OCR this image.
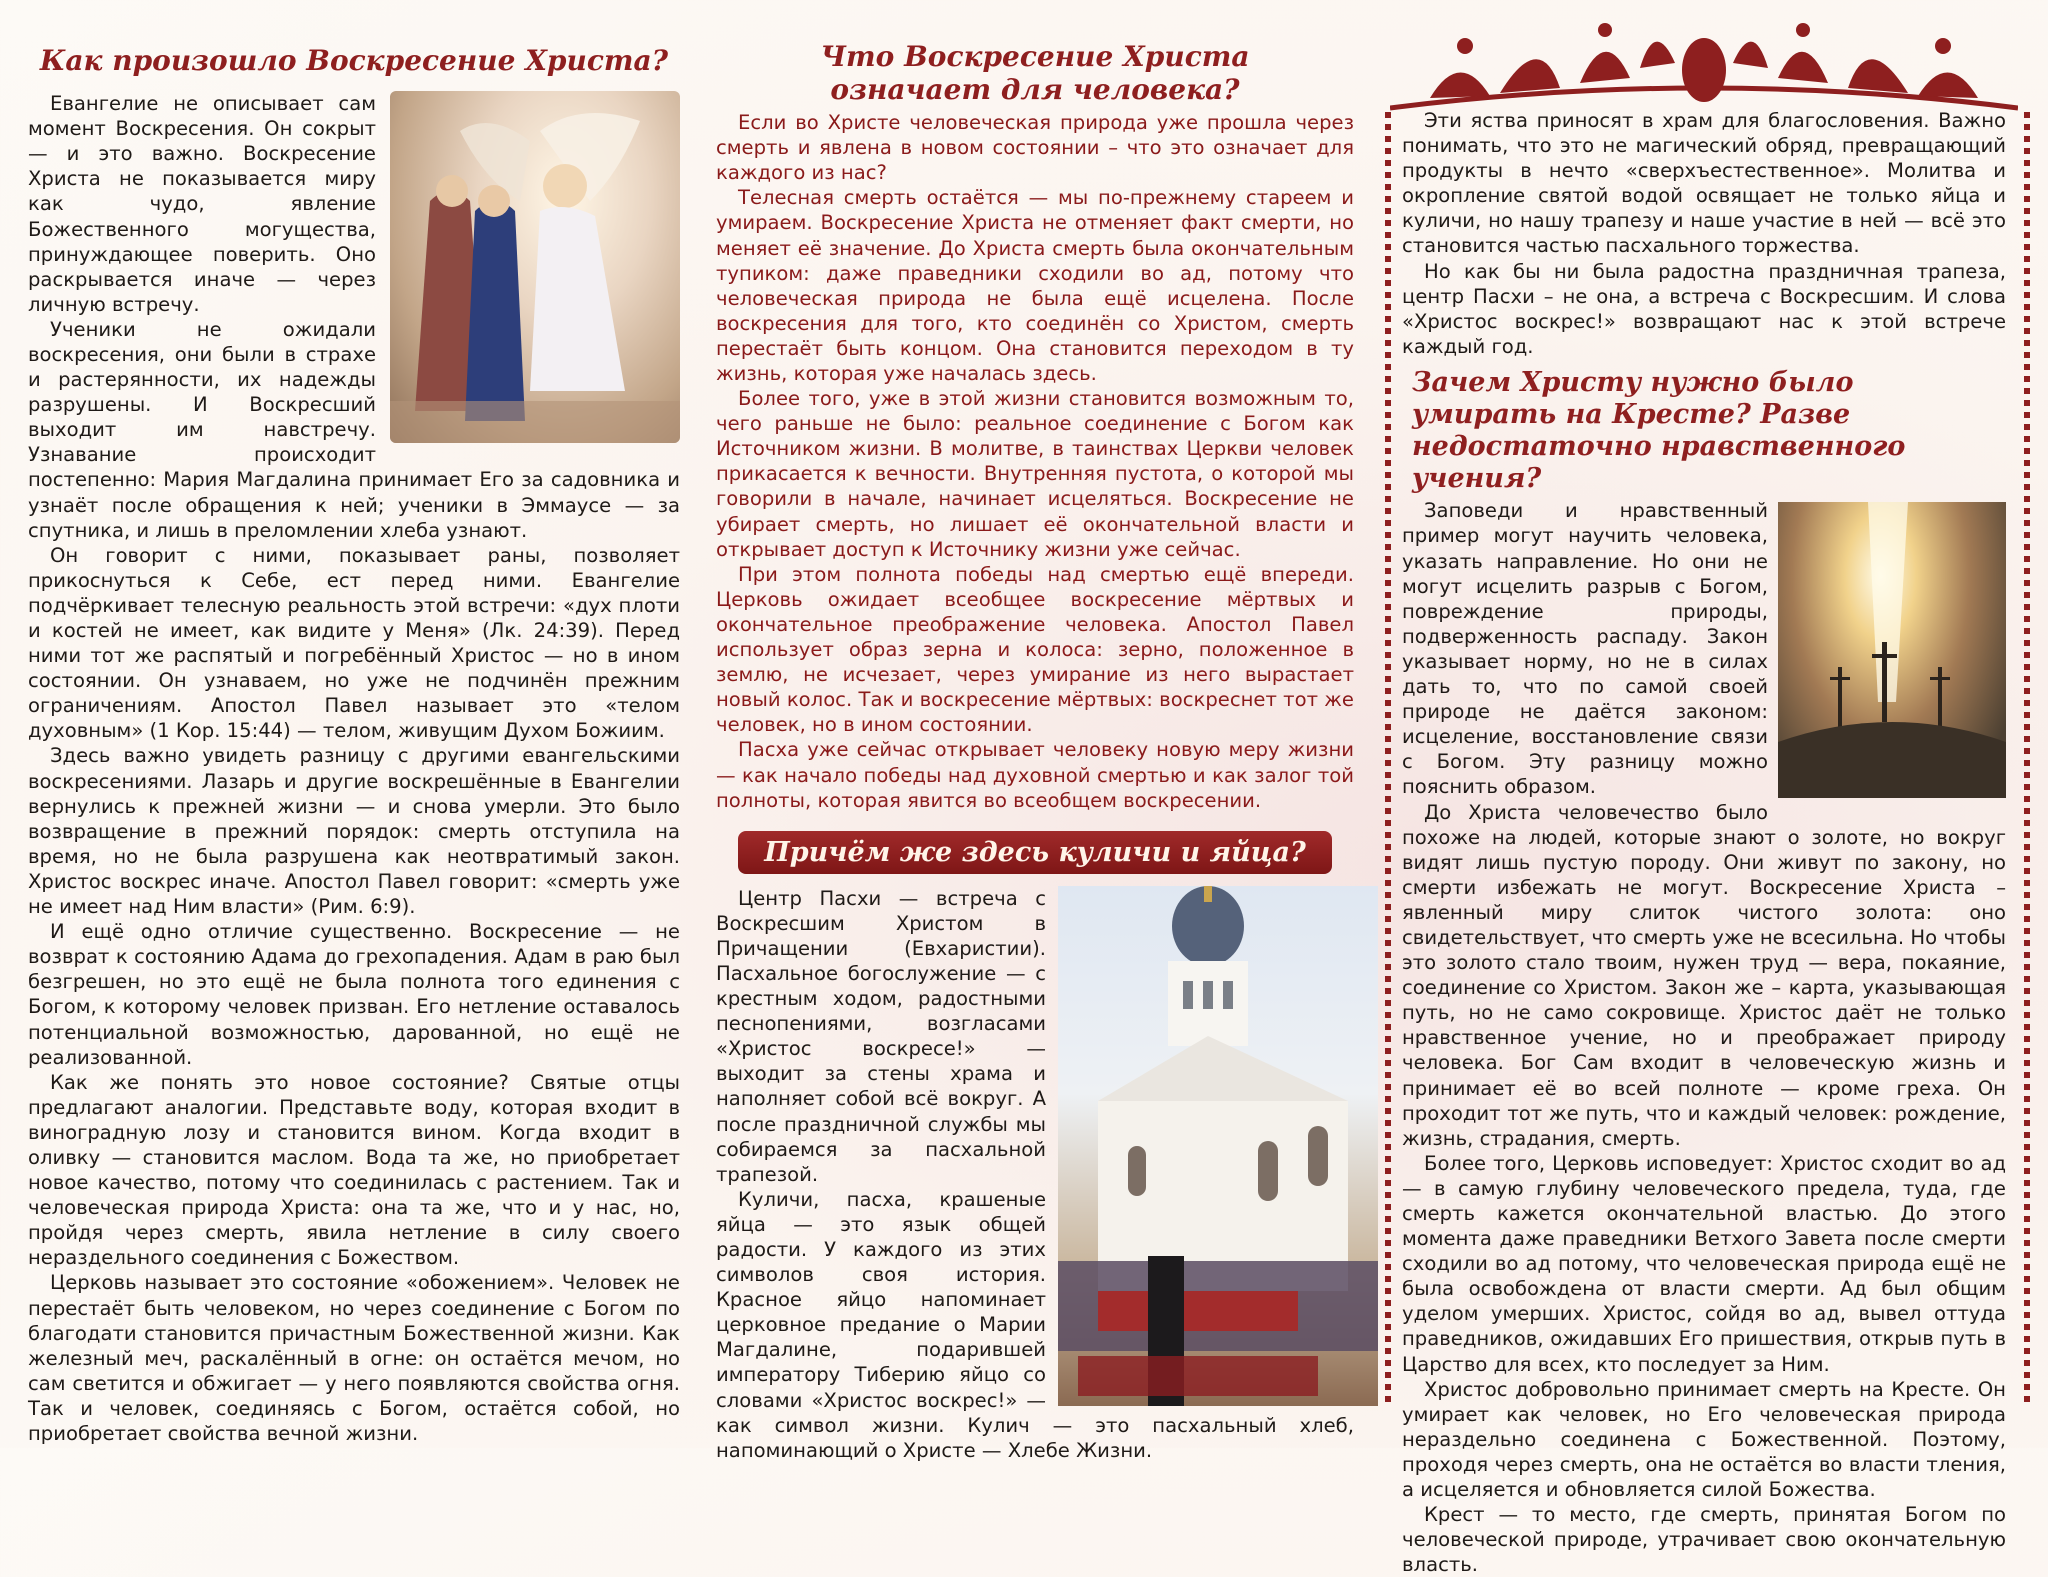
Как произошло Воскресение Христа?

Евангелие не описывает сам момент Воскресения. Он сокрыт — и это важно. Воскресение Христа не показывается миру как чудо, явление Божественного могущества, принуждающее поверить. Оно раскрывается иначе — через личную встречу.

Ученики не ожидали воскресения, они были в страхе и растерянности, их надежды разрушены. И Воскресший выходит им навстречу. Узнавание происходит постепенно: Мария Магдалина принимает Его за садовника и узнаёт после обращения к ней; ученики в Эммаусе — за спутника, и лишь в преломлении хлеба узнают.

Он говорит с ними, показывает раны, позволяет прикоснуться к Себе, ест перед ними. Евангелие подчёркивает телесную реальность этой встречи: «дух плоти и костей не имеет, как видите у Меня» (Лк. 24:39). Перед ними тот же распятый и погребённый Христос — но в ином состоянии. Он узнаваем, но уже не подчинён прежним ограничениям. Апостол Павел называет это «телом духовным» (1 Кор. 15:44) — телом, живущим Духом Божиим.

Здесь важно увидеть разницу с другими евангельскими воскресениями. Лазарь и другие воскрешённые в Евангелии вернулись к прежней жизни — и снова умерли. Это было возвращение в прежний порядок: смерть отступила на время, но не была разрушена как неотвратимый закон. Христос воскрес иначе. Апостол Павел говорит: «смерть уже не имеет над Ним власти» (Рим. 6:9).

И ещё одно отличие существенно. Воскресение — не возврат к состоянию Адама до грехопадения. Адам в раю был безгрешен, но это ещё не была полнота того единения с Богом, к которому человек призван. Его нетление оставалось потенциальной возможностью, дарованной, но ещё не реализованной.

Как же понять это новое состояние? Святые отцы предлагают аналогии. Представьте воду, которая входит в виноградную лозу и становится вином. Когда входит в оливку — становится маслом. Вода та же, но приобретает новое качество, потому что соединилась с растением. Так и человеческая природа Христа: она та же, что и у нас, но, пройдя через смерть, явила нетление в силу своего нераздельного соединения с Божеством.

Церковь называет это состояние «обожением». Человек не перестаёт быть человеком, но через соединение с Богом по благодати становится причастным Божественной жизни. Как железный меч, раскалённый в огне: он остаётся мечом, но сам светится и обжигает — у него появляются свойства огня. Так и человек, соединяясь с Богом, остаётся собой, но приобретает свойства вечной жизни.

Что Воскресение Христа
означает для человека?

Если во Христе человеческая природа уже прошла через смерть и явлена в новом состоянии – что это означает для каждого из нас?

Телесная смерть остаётся — мы по-прежнему стареем и умираем. Воскресение Христа не отменяет факт смерти, но меняет её значение. До Христа смерть была окончательным тупиком: даже праведники сходили во ад, потому что человеческая природа не была ещё исцелена. После воскресения для того, кто соединён со Христом, смерть перестаёт быть концом. Она становится переходом в ту жизнь, которая уже началась здесь.

Более того, уже в этой жизни становится возможным то, чего раньше не было: реальное соединение с Богом как Источником жизни. В молитве, в таинствах Церкви человек прикасается к вечности. Внутренняя пустота, о которой мы говорили в начале, начинает исцеляться. Воскресение не убирает смерть, но лишает её окончательной власти и открывает доступ к Источнику жизни уже сейчас.

При этом полнота победы над смертью ещё впереди. Церковь ожидает всеобщее воскресение мёртвых и окончательное преображение человека. Апостол Павел использует образ зерна и колоса: зерно, положенное в землю, не исчезает, через умирание из него вырастает новый колос. Так и воскресение мёртвых: воскреснет тот же человек, но в ином состоянии.

Пасха уже сейчас открывает человеку новую меру жизни — как начало победы над духовной смертью и как залог той полноты, которая явится во всеобщем воскресении.

Причём же здесь куличи и яйца?

Центр Пасхи — встреча с Воскресшим Христом в Причащении (Евхаристии). Пасхальное богослужение — с крестным ходом, радостными песнопениями, возгласами «Христос воскресе!» — выходит за стены храма и наполняет собой всё вокруг. А после праздничной службы мы собираемся за пасхальной трапезой.

Куличи, пасха, крашеные яйца — это язык общей радости. У каждого из этих символов своя история. Красное яйцо напоминает церковное предание о Марии Магдалине, подарившей императору Тиберию яйцо со словами «Христос воскрес!» — как символ жизни. Кулич — это пасхальный хлеб, напоминающий о Христе — Хлебе Жизни.

Эти яства приносят в храм для благословения. Важно понимать, что это не магический обряд, превращающий продукты в нечто «сверхъестественное». Молитва и окропление святой водой освящает не только яйца и куличи, но нашу трапезу и наше участие в ней — всё это становится частью пасхального торжества.

Но как бы ни была радостна праздничная трапеза, центр Пасхи – не она, а встреча с Воскресшим. И слова «Христос воскрес!» возвращают нас к этой встрече каждый год.

Зачем Христу нужно было умирать на Кресте? Разве недостаточно нравственного учения?

Заповеди и нравственный пример могут научить человека, указать направление. Но они не могут исцелить разрыв с Богом, повреждение природы, подверженность распаду. Закон указывает норму, но не в силах дать то, что по самой своей природе не даётся законом: исцеление, восстановление связи с Богом. Эту разницу можно пояснить образом.

До Христа человечество было похоже на людей, которые знают о золоте, но вокруг видят лишь пустую породу. Они живут по закону, но смерти избежать не могут. Воскресение Христа – явленный миру слиток чистого золота: оно свидетельствует, что смерть уже не всесильна. Но чтобы это золото стало твоим, нужен труд — вера, покаяние, соединение со Христом. Закон же – карта, указывающая путь, но не само сокровище. Христос даёт не только нравственное учение, но и преображает природу человека. Бог Сам входит в человеческую жизнь и принимает её во всей полноте — кроме греха. Он проходит тот же путь, что и каждый человек: рождение, жизнь, страдания, смерть.

Более того, Церковь исповедует: Христос сходит во ад — в самую глубину человеческого предела, туда, где смерть кажется окончательной властью. До этого момента даже праведники Ветхого Завета после смерти сходили во ад потому, что человеческая природа ещё не была освобождена от власти смерти. Ад был общим уделом умерших. Христос, сойдя во ад, вывел оттуда праведников, ожидавших Его пришествия, открыв путь в Царство для всех, кто последует за Ним.

Христос добровольно принимает смерть на Кресте. Он умирает как человек, но Его человеческая природа нераздельно соединена с Божественной. Поэтому, проходя через смерть, она не остаётся во власти тления, а исцеляется и обновляется силой Божества.

Крест — то место, где смерть, принятая Богом по человеческой природе, утрачивает свою окончательную власть.
